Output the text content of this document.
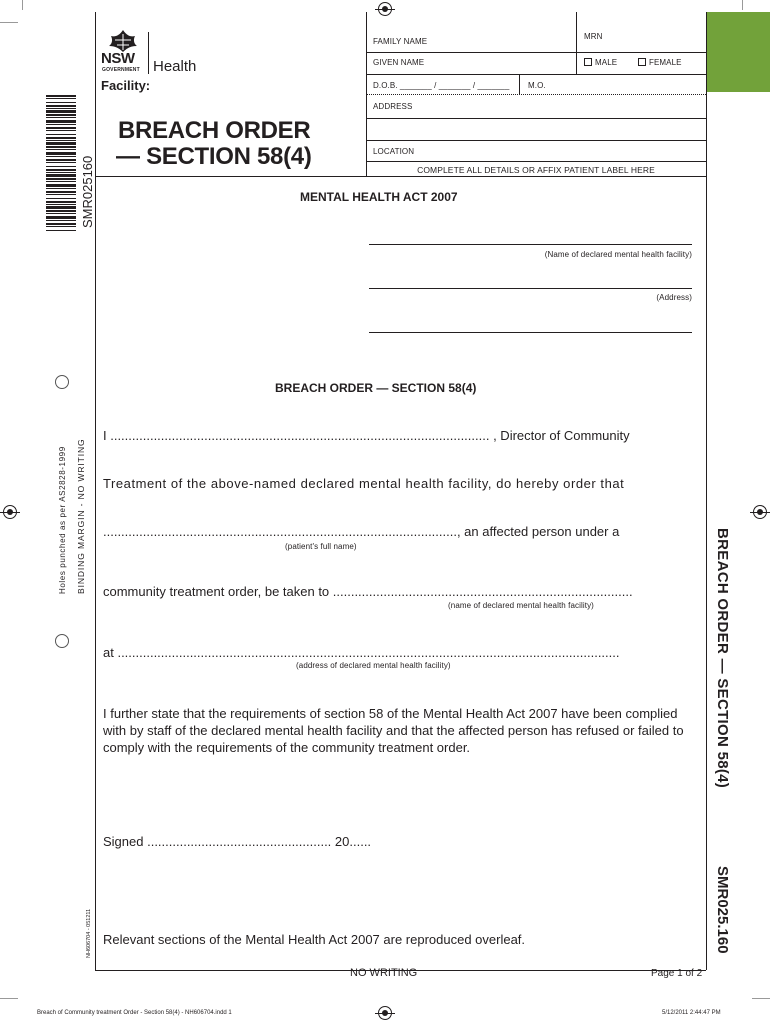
NSW
GOVERNMENT Health
Facility:
BREACH ORDER
— SECTION 58(4)
SMR025160
MRN
FAMILY NAME
GIVEN NAME	MALE	FEMALE
D.O.B. _______ / _______ / _______ M.O.
ADDRESS
LOCATION
COMPLETE ALL DETAILS OR AFFIX PATIENT LABEL HERE
MENTAL HEALTH ACT 2007
(Name of declared mental health facility)
(Address)
BREACH ORDER — SECTION 58(4)
I ......................................................................................................... , Director of Community
Treatment of the above-named declared mental health facility, do hereby order that
.................................................................................................., an affected person under a
(patient's full name)
community treatment order, be taken to ...................................................................................
(name of declared mental health facility)
at ...........................................................................................................................................
(address of declared mental health facility)
I further state that the requirements of section 58 of the Mental Health Act 2007 have been complied with by staff of the declared mental health facility and that the affected person has refused or failed to comply with the requirements of the community treatment order.
Signed ................................................... 20......
Relevant sections of the Mental Health Act 2007 are reproduced overleaf.
Holes punched as per AS2828-1999 BINDING MARGIN - NO WRITING
NH606704 - 051211
BREACH ORDER — SECTION 58(4)
SMR025.160
NO WRITING	Page 1 of 2
Breach of Community treatment Order - Section 58(4) - NH606704.indd 1	5/12/2011 2:44:47 PM
